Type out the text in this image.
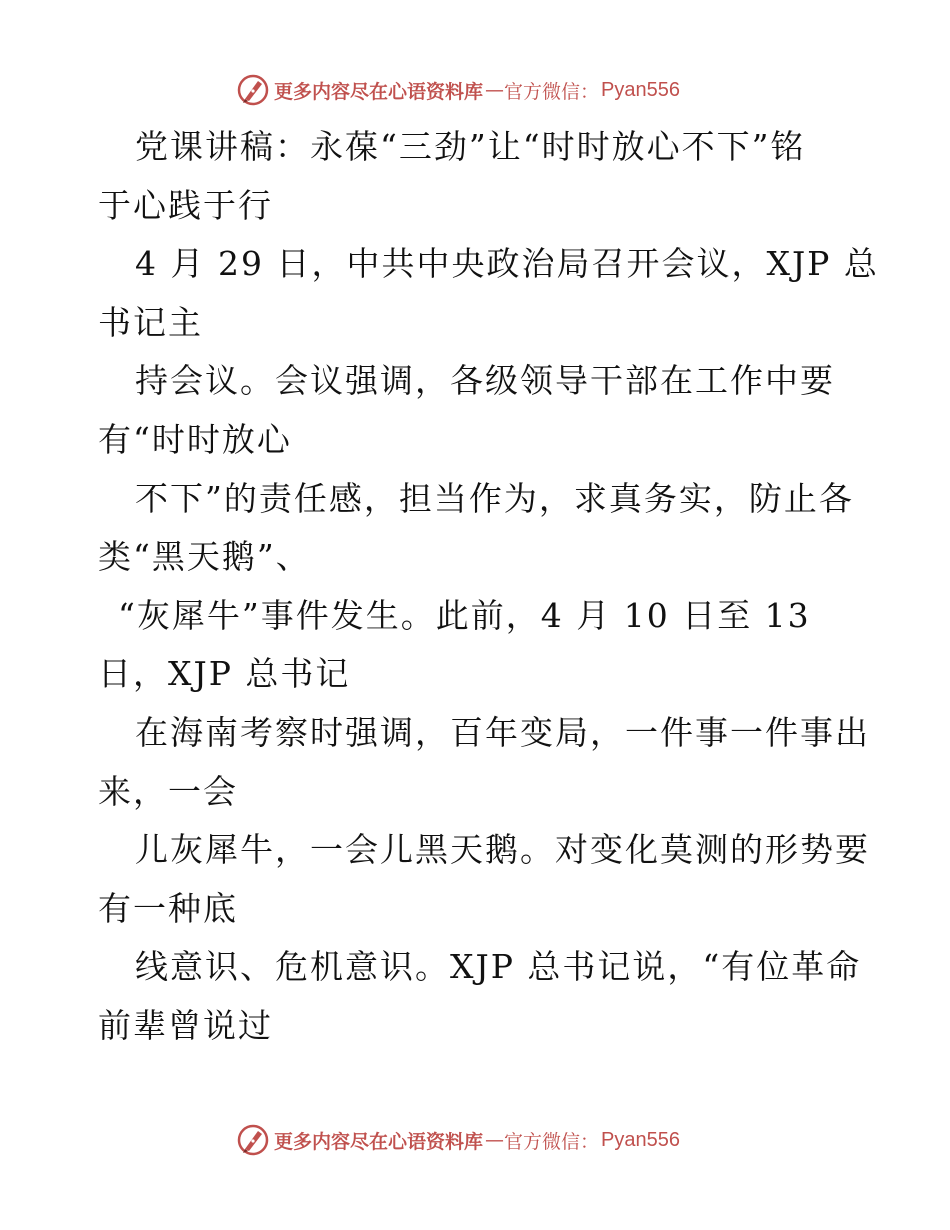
更多内容尽在心语资料库 — 官方微信： Pyan556
党课讲稿：永葆“三劲”让“时时放心不下”铭
于心践于行
4 月 29 日，中共中央政治局召开会议，XJP 总
书记主
持会议。会议强调，各级领导干部在工作中要
有“时时放心
不下”的责任感，担当作为，求真务实，防止各
类“黑天鹅”、
“灰犀牛”事件发生。此前，4 月 10 日至 13
日，XJP 总书记
在海南考察时强调，百年变局，一件事一件事出
来，一会
儿灰犀牛，一会儿黑天鹅。对变化莫测的形势要
有一种底
线意识、危机意识。XJP 总书记说，“有位革命
前辈曾说过
更多内容尽在心语资料库 — 官方微信： Pyan556
